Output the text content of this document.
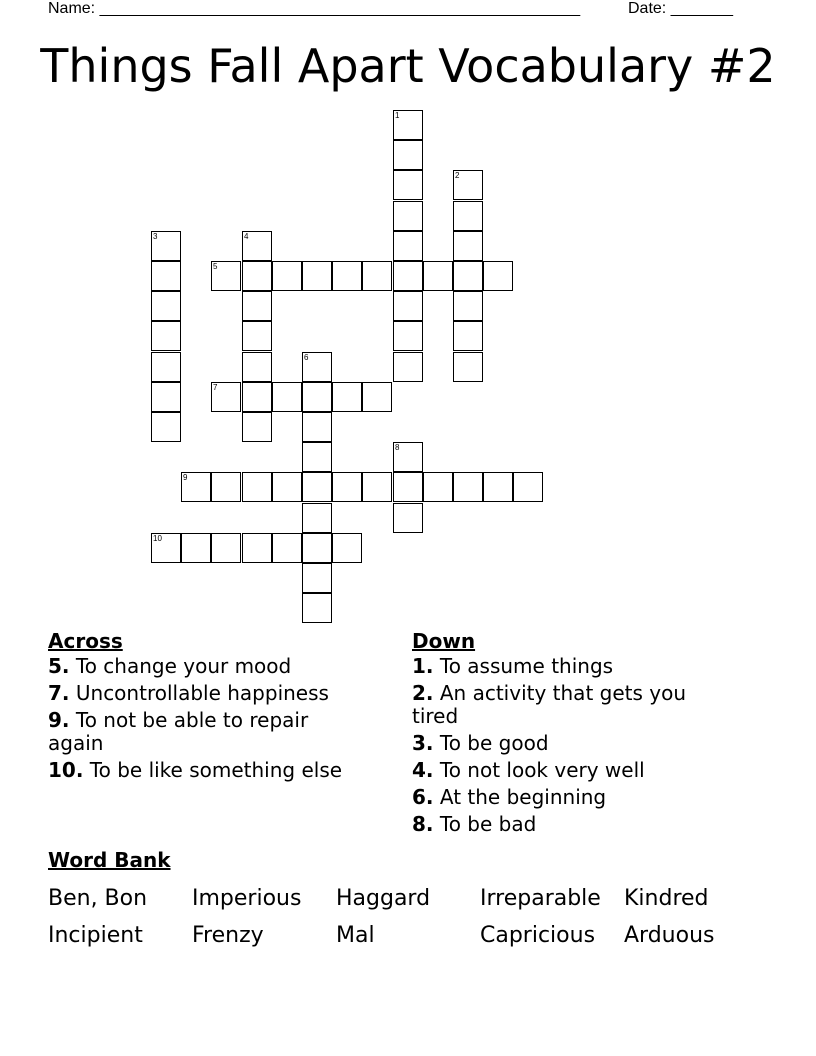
Name: ______________________________________________________	Date: _______
Things Fall Apart Vocabulary #2
1
2
3	4
5
6
7
8
9
10
Across
5. To change your mood
7. Uncontrollable happiness
9. To not be able to repair again
10. To be like something else
Down
1. To assume things
2. An activity that gets you tired
3. To be good
4. To not look very well
6. At the beginning
8. To be bad
Word Bank
Ben, Bon	Imperious	Haggard	Irreparable	Kindred
Incipient	Frenzy	Mal	Capricious	Arduous
